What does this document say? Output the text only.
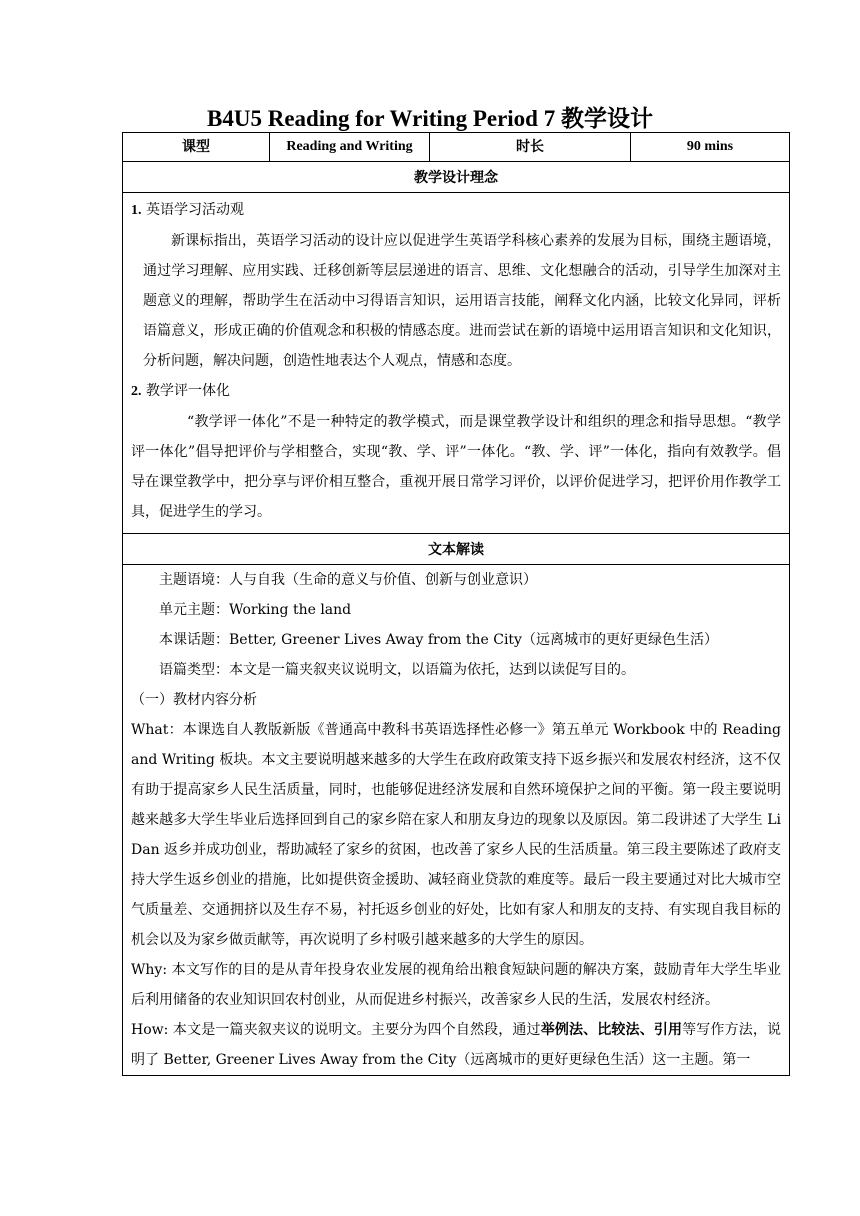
B4U5 Reading for Writing Period 7 教学设计
课型	Reading and Writing	时长	90 mins
教学设计理念

1. 英语学习活动观
新课标指出，英语学习活动的设计应以促进学生英语学科核心素养的发展为目标，围绕主题语境，通过学习理解、应用实践、迁移创新等层层递进的语言、思维、文化想融合的活动，引导学生加深对主题意义的理解，帮助学生在活动中习得语言知识，运用语言技能，阐释文化内涵，比较文化异同，评析语篇意义，形成正确的价值观念和积极的情感态度。进而尝试在新的语境中运用语言知识和文化知识，分析问题，解决问题，创造性地表达个人观点，情感和态度。
2. 教学评一体化
“教学评一体化”不是一种特定的教学模式，而是课堂教学设计和组织的理念和指导思想。“教学评一体化”倡导把评价与学相整合，实现“教、学、评”一体化。“教、学、评”一体化，指向有效教学。倡导在课堂教学中，把分享与评价相互整合，重视开展日常学习评价，以评价促进学习，把评价用作教学工具，促进学生的学习。

文本解读

主题语境：人与自我（生命的意义与价值、创新与创业意识）
单元主题：Working the land
本课话题：Better, Greener Lives Away from the City（远离城市的更好更绿色生活）
语篇类型：本文是一篇夹叙夹议说明文，以语篇为依托，达到以读促写目的。
（一）教材内容分析
What：本课选自人教版新版《普通高中教科书英语选择性必修一》第五单元 Workbook 中的 Reading and Writing 板块。本文主要说明越来越多的大学生在政府政策支持下返乡振兴和发展农村经济，这不仅有助于提高家乡人民生活质量，同时，也能够促进经济发展和自然环境保护之间的平衡。第一段主要说明越来越多大学生毕业后选择回到自己的家乡陪在家人和朋友身边的现象以及原因。第二段讲述了大学生 Li Dan 返乡并成功创业，帮助减轻了家乡的贫困，也改善了家乡人民的生活质量。第三段主要陈述了政府支持大学生返乡创业的措施，比如提供资金援助、减轻商业贷款的难度等。最后一段主要通过对比大城市空气质量差、交通拥挤以及生存不易，衬托返乡创业的好处，比如有家人和朋友的支持、有实现自我目标的机会以及为家乡做贡献等，再次说明了乡村吸引越来越多的大学生的原因。
Why: 本文写作的目的是从青年投身农业发展的视角给出粮食短缺问题的解决方案，鼓励青年大学生毕业后利用储备的农业知识回农村创业，从而促进乡村振兴，改善家乡人民的生活，发展农村经济。
How: 本文是一篇夹叙夹议的说明文。主要分为四个自然段，通过举例法、比较法、引用等写作方法，说明了 Better, Greener Lives Away from the City（远离城市的更好更绿色生活）这一主题。第一
